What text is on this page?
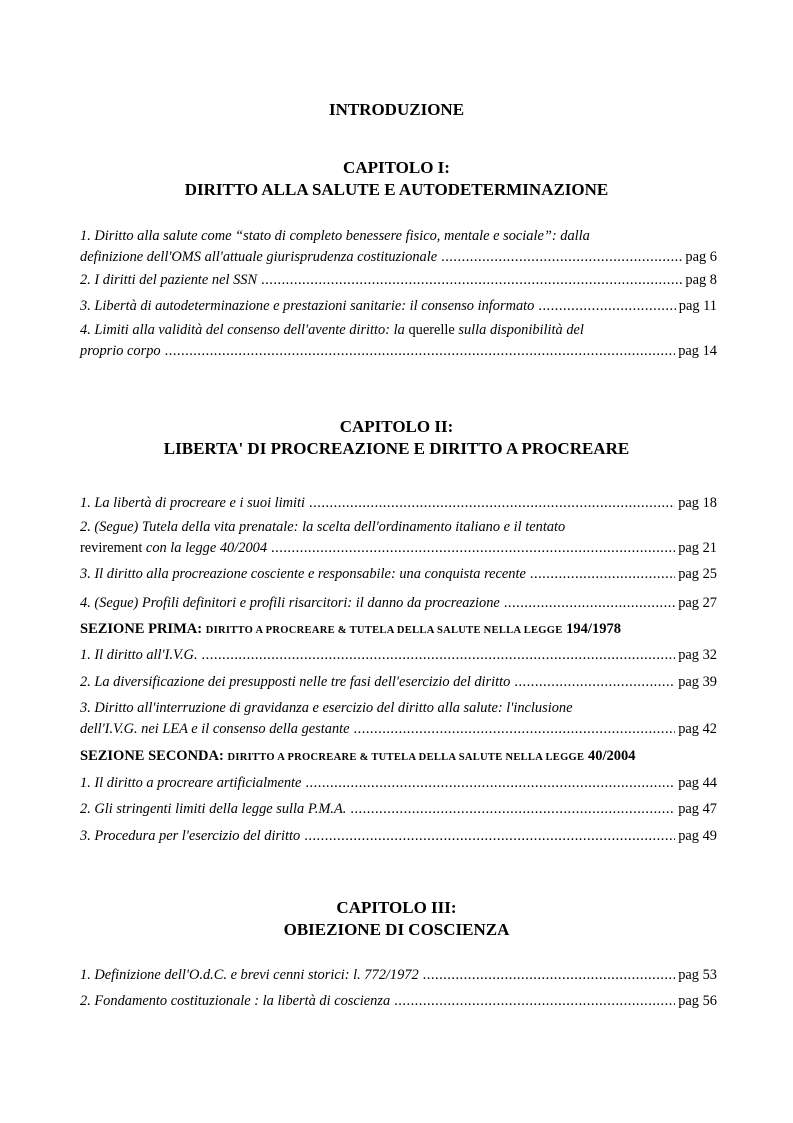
INTRODUZIONE
CAPITOLO I:
DIRITTO ALLA SALUTE E AUTODETERMINAZIONE
1. Diritto alla salute come “stato di completo benessere fisico, mentale e sociale”: dalla
definizione dell'OMS all'attuale giurisprudenza costituzionale .....	pag 6
2. I diritti del paziente nel SSN .....	pag 8
3. Libertà di autodeterminazione e prestazioni sanitarie: il consenso informato .....	pag 11
4. Limiti alla validità del consenso dell'avente diritto: la querelle sulla disponibilità del
proprio corpo .....	pag 14
CAPITOLO II:
LIBERTA' DI PROCREAZIONE E DIRITTO A PROCREARE
1. La libertà di procreare e i suoi limiti .....	pag 18
2. (Segue) Tutela della vita prenatale: la scelta dell'ordinamento italiano e il tentato
revirement con la legge 40/2004 .....	pag 21
3. Il diritto alla procreazione cosciente e responsabile: una conquista recente .....	pag 25
4. (Segue) Profili definitori e profili risarcitori: il danno da procreazione .....	pag 27
SEZIONE PRIMA: DIRITTO A PROCREARE & TUTELA DELLA SALUTE NELLA LEGGE 194/1978
1. Il diritto all'I.V.G. .....	pag 32
2. La diversificazione dei presupposti nelle tre fasi dell'esercizio del diritto .....	pag 39
3. Diritto all'interruzione di gravidanza e esercizio del diritto alla salute: l'inclusione
dell'I.V.G. nei LEA e il consenso della gestante .....	pag 42
SEZIONE SECONDA: DIRITTO A PROCREARE & TUTELA DELLA SALUTE NELLA LEGGE 40/2004
1. Il diritto a procreare artificialmente .....	pag 44
2. Gli stringenti limiti della legge sulla P.M.A. .....	pag 47
3. Procedura per l'esercizio del diritto .....	pag 49
CAPITOLO III:
OBIEZIONE DI COSCIENZA
1. Definizione dell'O.d.C. e brevi cenni storici: l. 772/1972 .....	pag 53
2. Fondamento costituzionale : la libertà di coscienza .....	pag 56
